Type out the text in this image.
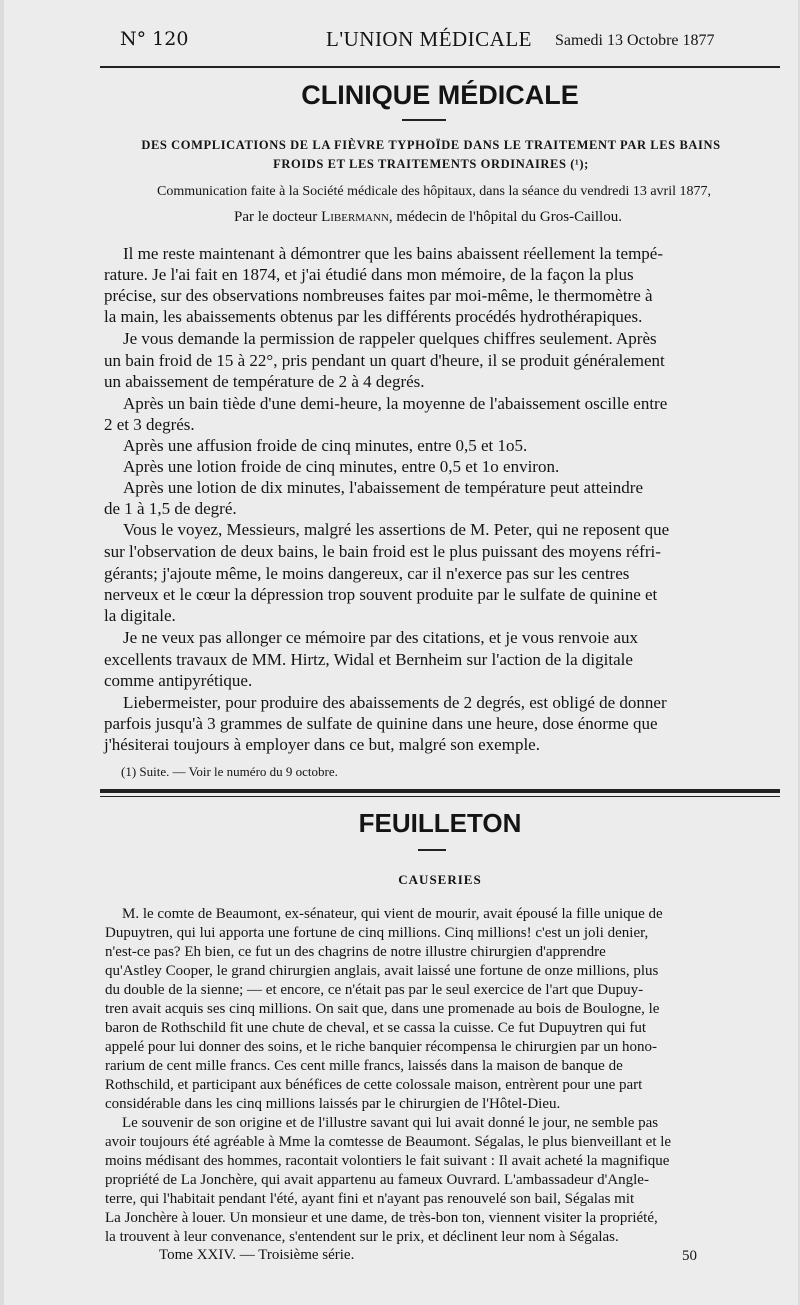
N° 120	L'UNION MÉDICALE Samedi 13 Octobre 1877
CLINIQUE MÉDICALE
DES COMPLICATIONS DE LA FIÈVRE TYPHOÏDE DANS LE TRAITEMENT PAR LES BAINS
FROIDS ET LES TRAITEMENTS ORDINAIRES (¹);
Communication faite à la Société médicale des hôpitaux, dans la séance du vendredi 13 avril 1877,
Par le docteur Libermann, médecin de l'hôpital du Gros-Caillou.
Il me reste maintenant à démontrer que les bains abaissent réellement la tempé-
rature. Je l'ai fait en 1874, et j'ai étudié dans mon mémoire, de la façon la plus
précise, sur des observations nombreuses faites par moi-même, le thermomètre à
la main, les abaissements obtenus par les différents procédés hydrothérapiques.
Je vous demande la permission de rappeler quelques chiffres seulement. Après
un bain froid de 15 à 22°, pris pendant un quart d'heure, il se produit généralement
un abaissement de température de 2 à 4 degrés.
Après un bain tiède d'une demi-heure, la moyenne de l'abaissement oscille entre
2 et 3 degrés.
Après une affusion froide de cinq minutes, entre 0,5 et 1o5.
Après une lotion froide de cinq minutes, entre 0,5 et 1o environ.
Après une lotion de dix minutes, l'abaissement de température peut atteindre
de 1 à 1,5 de degré.
Vous le voyez, Messieurs, malgré les assertions de M. Peter, qui ne reposent que
sur l'observation de deux bains, le bain froid est le plus puissant des moyens réfri-
gérants; j'ajoute même, le moins dangereux, car il n'exerce pas sur les centres
nerveux et le cœur la dépression trop souvent produite par le sulfate de quinine et
la digitale.
Je ne veux pas allonger ce mémoire par des citations, et je vous renvoie aux
excellents travaux de MM. Hirtz, Widal et Bernheim sur l'action de la digitale
comme antipyrétique.
Liebermeister, pour produire des abaissements de 2 degrés, est obligé de donner
parfois jusqu'à 3 grammes de sulfate de quinine dans une heure, dose énorme que
j'hésiterai toujours à employer dans ce but, malgré son exemple.
(1) Suite. — Voir le numéro du 9 octobre.
FEUILLETON
CAUSERIES
M. le comte de Beaumont, ex-sénateur, qui vient de mourir, avait épousé la fille unique de
Dupuytren, qui lui apporta une fortune de cinq millions. Cinq millions! c'est un joli denier,
n'est-ce pas? Eh bien, ce fut un des chagrins de notre illustre chirurgien d'apprendre
qu'Astley Cooper, le grand chirurgien anglais, avait laissé une fortune de onze millions, plus
du double de la sienne; — et encore, ce n'était pas par le seul exercice de l'art que Dupuy-
tren avait acquis ses cinq millions. On sait que, dans une promenade au bois de Boulogne, le
baron de Rothschild fit une chute de cheval, et se cassa la cuisse. Ce fut Dupuytren qui fut
appelé pour lui donner des soins, et le riche banquier récompensa le chirurgien par un hono-
rarium de cent mille francs. Ces cent mille francs, laissés dans la maison de banque de
Rothschild, et participant aux bénéfices de cette colossale maison, entrèrent pour une part
considérable dans les cinq millions laissés par le chirurgien de l'Hôtel-Dieu.
Le souvenir de son origine et de l'illustre savant qui lui avait donné le jour, ne semble pas
avoir toujours été agréable à Mme la comtesse de Beaumont. Ségalas, le plus bienveillant et le
moins médisant des hommes, racontait volontiers le fait suivant : Il avait acheté la magnifique
propriété de La Jonchère, qui avait appartenu au fameux Ouvrard. L'ambassadeur d'Angle-
terre, qui l'habitait pendant l'été, ayant fini et n'ayant pas renouvelé son bail, Ségalas mit
La Jonchère à louer. Un monsieur et une dame, de très-bon ton, viennent visiter la propriété,
la trouvent à leur convenance, s'entendent sur le prix, et déclinent leur nom à Ségalas.
Tome XXIV. — Troisième série.	50
